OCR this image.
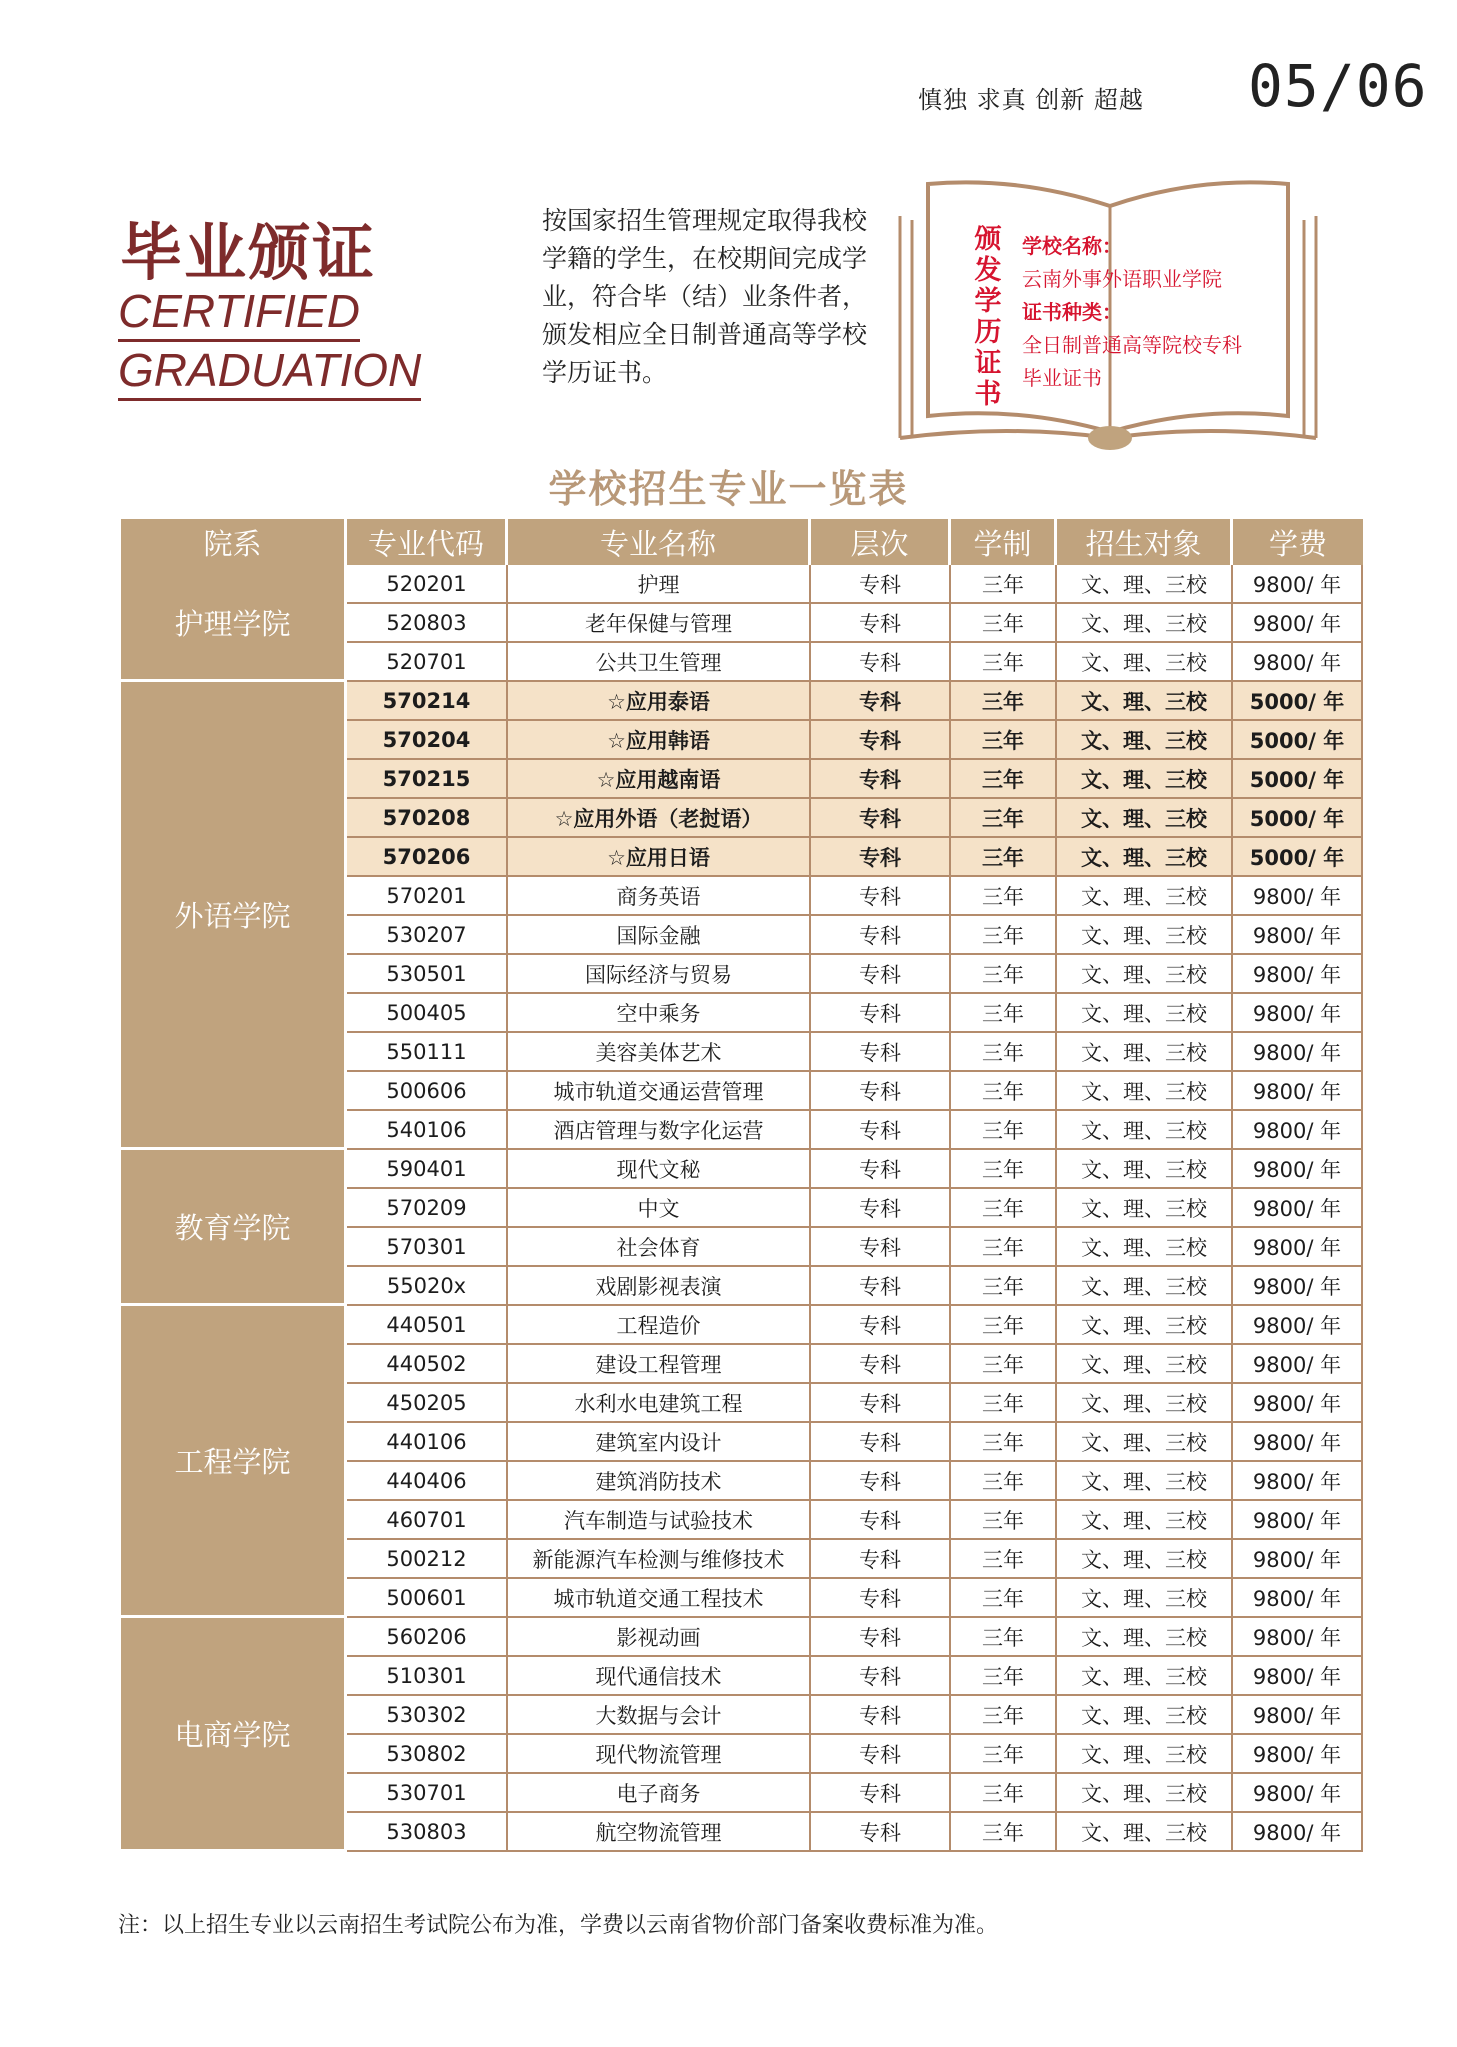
慎独 求真 创新 超越 05/06
毕业颁证
CERTIFIED
GRADUATION
按国家招生管理规定取得我校学籍的学生，在校期间完成学业，符合毕（结）业条件者，颁发相应全日制普通高等学校学历证书。
颁发学历证书
学校名称：
云南外事外语职业学院
证书种类：
全日制普通高等院校专科
毕业证书
学校招生专业一览表
院系	专业代码	专业名称	层次	学制	招生对象	学费
护理学院	520201	护理	专科	三年	文、理、三校	9800/ 年
	520803	老年保健与管理	专科	三年	文、理、三校	9800/ 年
	520701	公共卫生管理	专科	三年	文、理、三校	9800/ 年
外语学院	570214	☆应用泰语	专科	三年	文、理、三校	5000/ 年
	570204	☆应用韩语	专科	三年	文、理、三校	5000/ 年
	570215	☆应用越南语	专科	三年	文、理、三校	5000/ 年
	570208	☆应用外语（老挝语）	专科	三年	文、理、三校	5000/ 年
	570206	☆应用日语	专科	三年	文、理、三校	5000/ 年
	570201	商务英语	专科	三年	文、理、三校	9800/ 年
	530207	国际金融	专科	三年	文、理、三校	9800/ 年
	530501	国际经济与贸易	专科	三年	文、理、三校	9800/ 年
	500405	空中乘务	专科	三年	文、理、三校	9800/ 年
	550111	美容美体艺术	专科	三年	文、理、三校	9800/ 年
	500606	城市轨道交通运营管理	专科	三年	文、理、三校	9800/ 年
	540106	酒店管理与数字化运营	专科	三年	文、理、三校	9800/ 年
教育学院	590401	现代文秘	专科	三年	文、理、三校	9800/ 年
	570209	中文	专科	三年	文、理、三校	9800/ 年
	570301	社会体育	专科	三年	文、理、三校	9800/ 年
	55020x	戏剧影视表演	专科	三年	文、理、三校	9800/ 年
工程学院	440501	工程造价	专科	三年	文、理、三校	9800/ 年
	440502	建设工程管理	专科	三年	文、理、三校	9800/ 年
	450205	水利水电建筑工程	专科	三年	文、理、三校	9800/ 年
	440106	建筑室内设计	专科	三年	文、理、三校	9800/ 年
	440406	建筑消防技术	专科	三年	文、理、三校	9800/ 年
	460701	汽车制造与试验技术	专科	三年	文、理、三校	9800/ 年
	500212	新能源汽车检测与维修技术	专科	三年	文、理、三校	9800/ 年
	500601	城市轨道交通工程技术	专科	三年	文、理、三校	9800/ 年
电商学院	560206	影视动画	专科	三年	文、理、三校	9800/ 年
	510301	现代通信技术	专科	三年	文、理、三校	9800/ 年
	530302	大数据与会计	专科	三年	文、理、三校	9800/ 年
	530802	现代物流管理	专科	三年	文、理、三校	9800/ 年
	530701	电子商务	专科	三年	文、理、三校	9800/ 年
	530803	航空物流管理	专科	三年	文、理、三校	9800/ 年
注：以上招生专业以云南招生考试院公布为准，学费以云南省物价部门备案收费标准为准。
